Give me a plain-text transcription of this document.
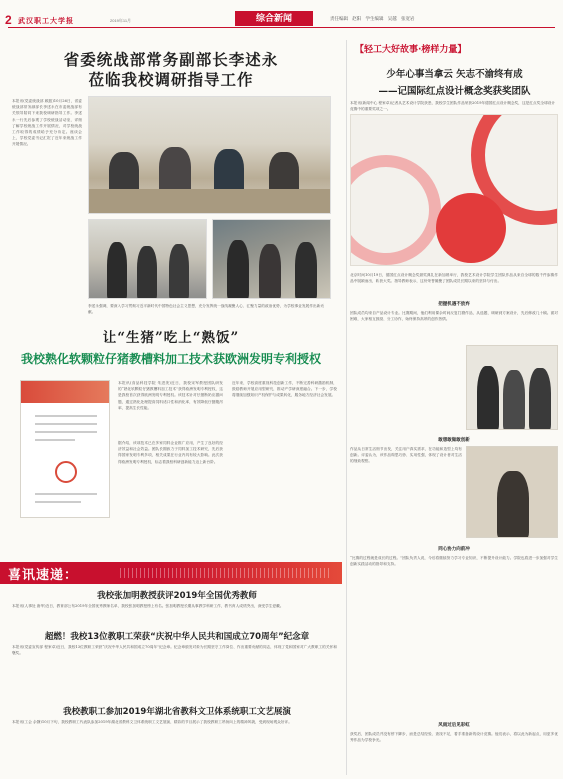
2 武汉职工大学报	2019年11月	综合新闻	责任编辑 赵阳 学生编辑 吴越 张宽岩
省委统战部常务副部长李述永
莅临我校调研指导工作
本报讯(党委统战部 顾振)10月26日，省委统战部常务副部长李述永在市委统战部有关领导陪同下来我校调研指导工作。李述永一行先后参观了学校统战活动室，详细了解学校统战工作开展情况，对学校统战工作取得的成绩给予充分肯定。座谈会上，学校党委书记汇报了近年来统战工作开展情况。
李述永强调，要深入学习贯彻习近平新时代中国特色社会主义思想，充分发挥统一战线凝聚人心、汇聚力量的政治优势，为学校事业发展作出新贡献。
让“生猪”吃上“熟饭”
我校熟化软颗粒仔猪教槽料加工技术获欧洲发明专利授权
本报讯(食品科技学院 朱进美)近日，我校宋军教授团队研发的“熟化软颗粒仔猪教槽料加工技术”获得欧洲发明专利授权，这是我校首次获得欧洲发明专利授权。该技术针对仔猪断奶应激问题，通过熟化处理提高饲料适口性和消化率，有效降低仔猪腹泻率，提高生长性能。
据介绍，该项技术已在多家饲料企业推广应用，产生了良好的经济效益和社会效益。团队长期致力于饲料加工技术研究，先后获得国家发明专利多项，相关成果在行业内具有较大影响。此次获得欧洲发明专利授权，标志着我校科研创新能力迈上新台阶。
近年来，学校高度重视科技创新工作，不断完善科研激励机制，鼓励教师开展应用型研究，推动产学研深度融合。下一步，学校将继续加强知识产权保护与成果转化，服务地方经济社会发展。
喜讯速递：
我校张加明教授获评2019年全国优秀教师
本报讯(人事处 唐华)近日，教育部公布2019年全国优秀教师名单，我校张加明教授榜上有名。张加明教授长期从事教学科研工作，教书育人成绩突出，深受学生爱戴。
超燃！我校13位教职工荣获“庆祝中华人民共和国成立70周年”纪念章
本报讯(党委宣传部 程家卓)近日，我校13位教职工荣获“庆祝中华人民共和国成立70周年”纪念章。纪念章颁发对象为长期坚守工作岗位、作出重要贡献的同志，体现了党和国家对广大教职工的关怀和褒奖。
我校教职工参加2019年湖北省教科文卫体系统职工文艺展演
本报讯(工会 余静)10月下旬，我校教职工代表队参加2019年湖北省教科文卫体系统职工文艺展演，精彩的节目展示了我校教职工昂扬向上的精神风貌，受到现场观众好评。
【轻工大好故事·榜样力量】
少年心事当拿云 矢志不渝终有成
——记国际红点设计概念奖获奖团队
本报讯(新闻中心 程家卓)记者从艺术设计学院获悉，我校学生团队作品荣获2019年德国红点设计概念奖，这是红点奖全球设计竞赛中的重要奖项之一。
北京时间10月19日，德国红点设计概念奖颁奖典礼在新加坡举行，我校艺术设计学院学生团队作品从来自全球的数千件参赛作品中脱颖而出，斩获大奖。指导教师表示，这份荣誉凝聚了团队成员长期以来的坚持与付出。
把握机遇不放弃
团队成员均来自产品设计专业。比赛期间，他们利用课余时间反复打磨作品，从选题、调研到方案设计，先后修改几十稿。面对困难，大家相互鼓励、分工协作，始终保持高昂的创作热情。
敢想敢做敢创新
作品从日常生活细节出发，关注用户真实需求，在功能和造型上均有创新。评委认为，该作品构思巧妙、实用性强，体现了设计者对生活的细致观察。
同心协力向前冲
“比赛的过程就是成长的过程。”团队负责人说，今后将继续努力学习专业知识，不断提升设计能力。学院也将进一步加强对学生创新实践活动的指导和支持。
风雨过后见彩虹
获奖后，团队成员并没有停下脚步，而是总结经验、查找不足，着手准备新的设计竞赛。他们表示，将以此为新起点，用更多优秀作品为学校争光。
